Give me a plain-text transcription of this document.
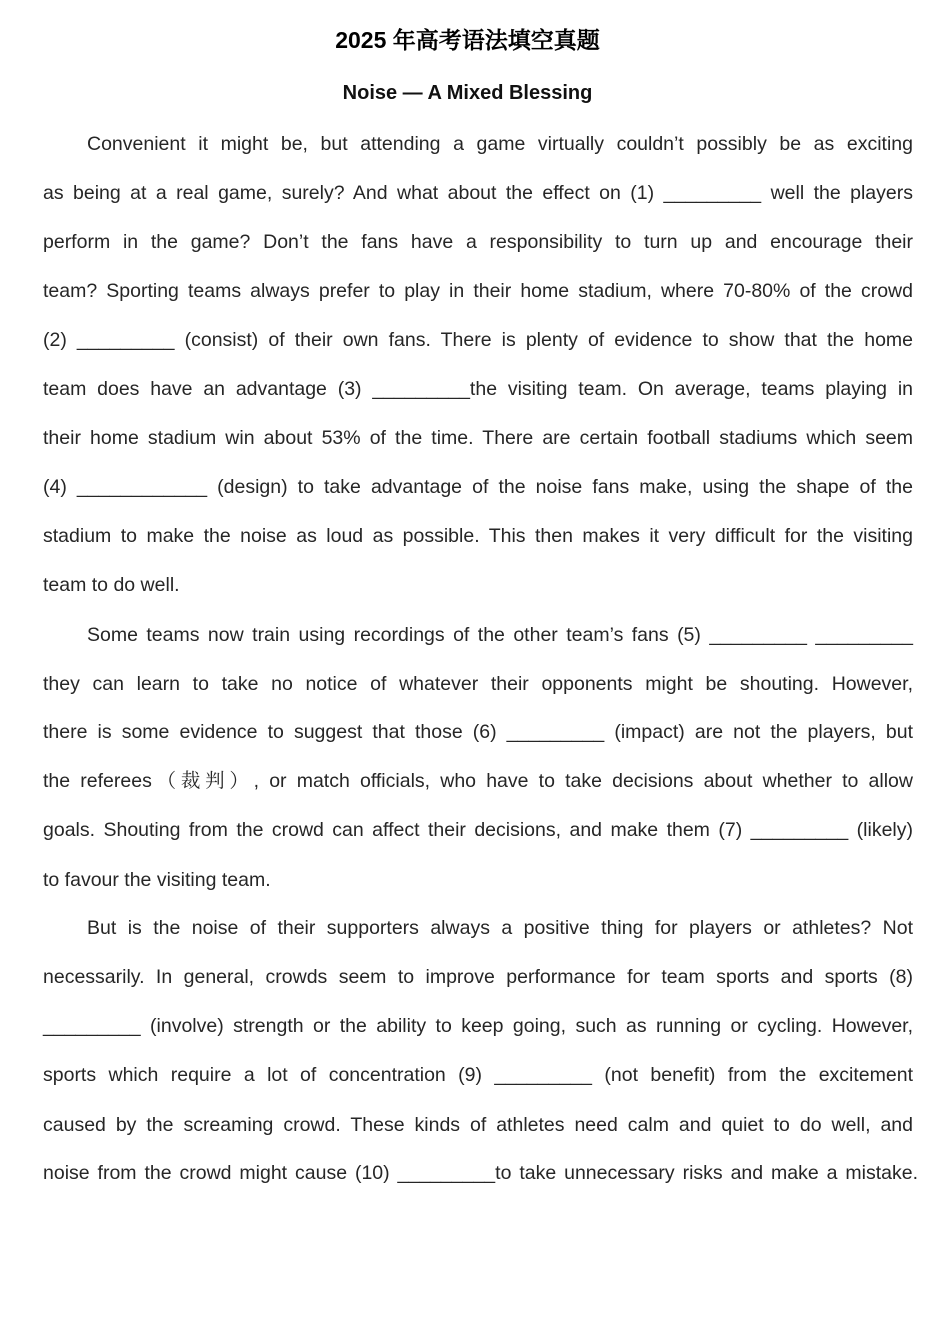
2025 年高考语法填空真题
Noise — A Mixed Blessing
Convenient it might be, but attending a game virtually couldn’t possibly be as exciting
as being at a real game, surely? And what about the effect on (1) _________ well the players
perform in the game? Don’t the fans have a responsibility to turn up and encourage their
team? Sporting teams always prefer to play in their home stadium, where 70-80% of the crowd
(2) _________ (consist) of their own fans. There is plenty of evidence to show that the home
team does have an advantage (3) _________the visiting team. On average, teams playing in
their home stadium win about 53% of the time. There are certain football stadiums which seem
(4) ____________ (design) to take advantage of the noise fans make, using the shape of the
stadium to make the noise as loud as possible. This then makes it very difficult for the visiting
team to do well.
Some teams now train using recordings of the other team’s fans (5) _________ _________
they can learn to take no notice of whatever their opponents might be shouting. However,
there is some evidence to suggest that those (6) _________ (impact) are not the players, but
the referees（裁判）, or match officials, who have to take decisions about whether to allow
goals. Shouting from the crowd can affect their decisions, and make them (7) _________ (likely)
to favour the visiting team.
But is the noise of their supporters always a positive thing for players or athletes? Not
necessarily. In general, crowds seem to improve performance for team sports and sports (8)
_________ (involve) strength or the ability to keep going, such as running or cycling. However,
sports which require a lot of concentration (9) _________ (not benefit) from the excitement
caused by the screaming crowd. These kinds of athletes need calm and quiet to do well, and
noise from the crowd might cause (10) _________to take unnecessary risks and make a mistake.
